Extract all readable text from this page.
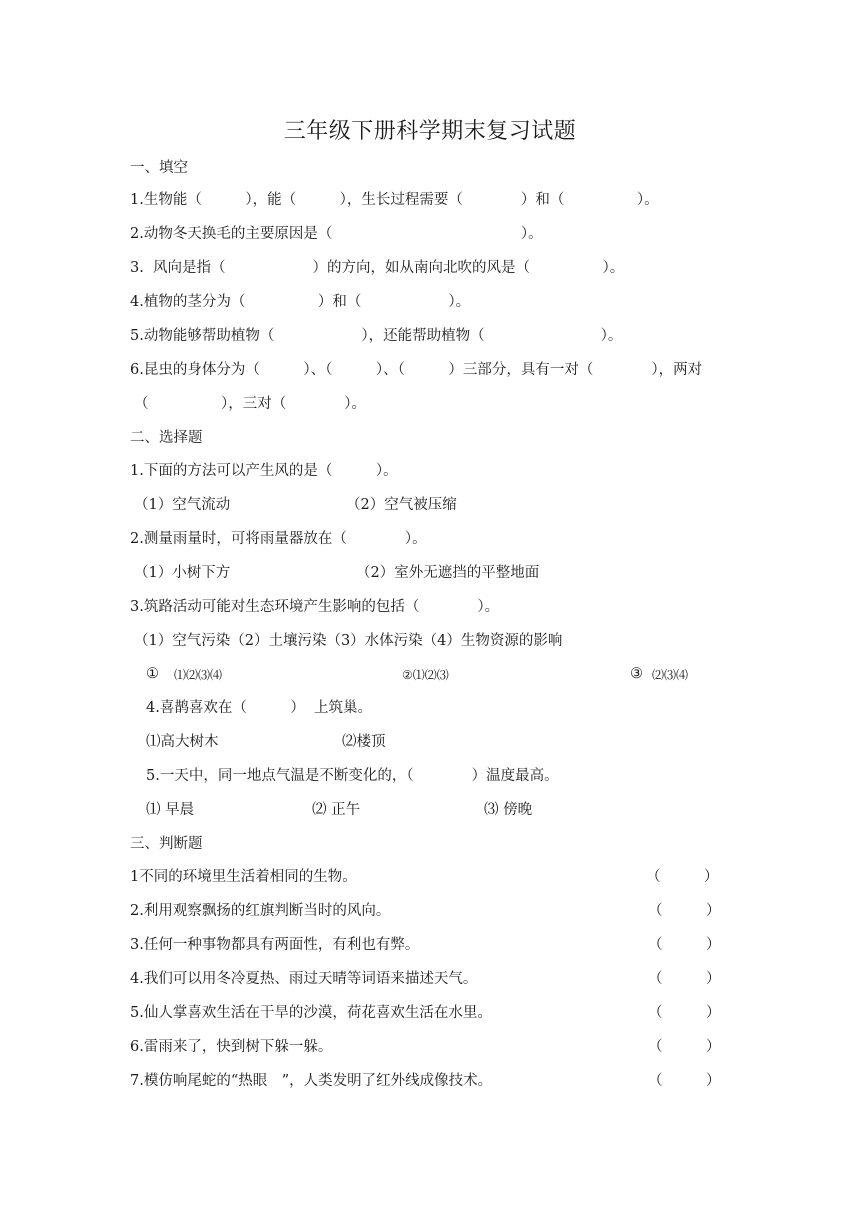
三年级下册科学期末复习试题
一、填空
1.生物能（　　　），能（　　　），生长过程需要（　　　　）和（　　　　　）。
2.动物冬天换毛的主要原因是（　　　　　　　　　　　　　）。
3.  风向是指（　　　　　　）的方向，如从南向北吹的风是（　　　　　）。
4.植物的茎分为（　　　　　）和（　　　　　　）。
5.动物能够帮助植物（　　　　　　），还能帮助植物（　　　　　　　　）。
6.昆虫的身体分为（　　　）、（　　　）、（　　　）三部分，具有一对（　　　　），两对
（　　　　　），三对（　　　　）。
二、选择题
1.下面的方法可以产生风的是（　　　）。
（1）空气流动	（2）空气被压缩
2.测量雨量时，可将雨量器放在（　　　　）。
（1）小树下方	（2）室外无遮挡的平整地面
3.筑路活动可能对生态环境产生影响的包括（　　　　）。
（1）空气污染（2）土壤污染（3）水体污染（4）生物资源的影响
① ⑴⑵⑶⑷	②⑴⑵⑶	③ ⑵⑶⑷
4.喜鹊喜欢在（　　　）  上筑巢。
⑴高大树木	⑵楼顶
5.一天中，同一地点气温是不断变化的，（　　　　）温度最高。
⑴ 早晨	⑵ 正午	⑶ 傍晚
三、判断题
1不同的环境里生活着相同的生物。	（　　　）
2.利用观察飘扬的红旗判断当时的风向。	（　　　）
3.任何一种事物都具有两面性，有利也有弊。	（　　　）
4.我们可以用冬冷夏热、雨过天晴等词语来描述天气。	（　　　）
5.仙人掌喜欢生活在干旱的沙漠，荷花喜欢生活在水里。	（　　　）
6.雷雨来了，快到树下躲一躲。	（　　　）
7.模仿响尾蛇的“热眼　”，人类发明了红外线成像技术。	（　　　）
